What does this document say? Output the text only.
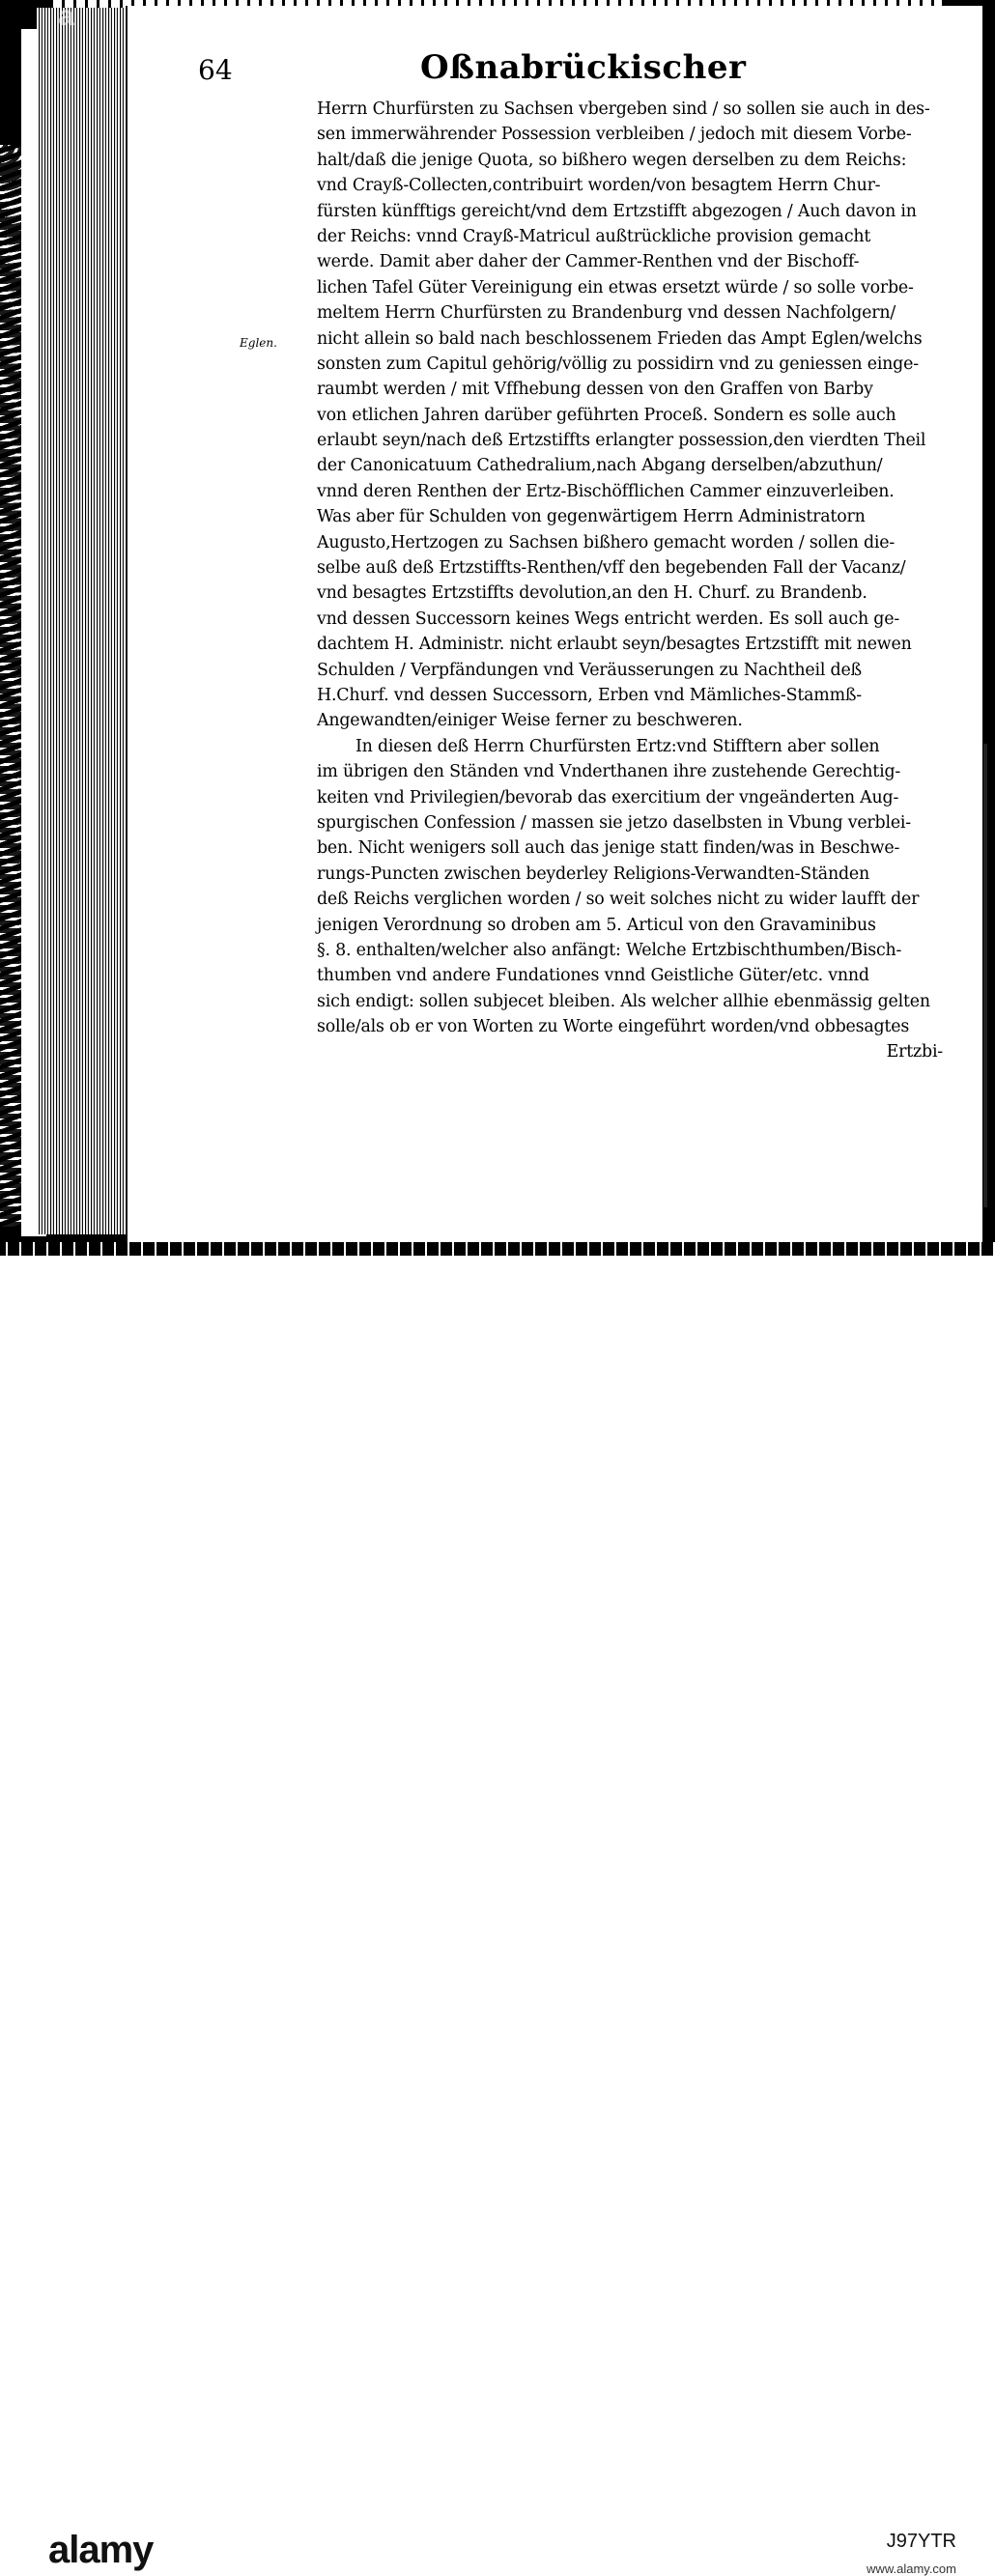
64	Oßnabrückischer
Eglen.
Herrn Churfürsten zu Sachsen vbergeben sind / so sollen sie auch in des-
sen immerwährender Possession verbleiben / jedoch mit diesem Vorbe-
halt/daß die jenige Quota, so bißhero wegen derselben zu dem Reichs:
vnd Crayß-Collecten,contribuirt worden/von besagtem Herrn Chur-
fürsten künfftigs gereicht/vnd dem Ertzstifft abgezogen / Auch davon in
der Reichs: vnnd Crayß-Matricul außtrückliche provision gemacht
werde. Damit aber daher der Cammer-Renthen vnd der Bischoff-
lichen Tafel Güter Vereinigung ein etwas ersetzt würde / so solle vorbe-
meltem Herrn Churfürsten zu Brandenburg vnd dessen Nachfolgern/
nicht allein so bald nach beschlossenem Frieden das Ampt Eglen/welchs
sonsten zum Capitul gehörig/völlig zu possidirn vnd zu geniessen einge-
raumbt werden / mit Vffhebung dessen von den Graffen von Barby
von etlichen Jahren darüber geführten Proceß. Sondern es solle auch
erlaubt seyn/nach deß Ertzstiffts erlangter possession,den vierdten Theil
der Canonicatuum Cathedralium,nach Abgang derselben/abzuthun/
vnnd deren Renthen der Ertz-Bischöfflichen Cammer einzuverleiben.
Was aber für Schulden von gegenwärtigem Herrn Administratorn
Augusto,Hertzogen zu Sachsen bißhero gemacht worden / sollen die-
selbe auß deß Ertzstiffts-Renthen/vff den begebenden Fall der Vacanz/
vnd besagtes Ertzstiffts devolution,an den H. Churf. zu Brandenb.
vnd dessen Successorn keines Wegs entricht werden. Es soll auch ge-
dachtem H. Administr. nicht erlaubt seyn/besagtes Ertzstifft mit newen
Schulden / Verpfändungen vnd Veräusserungen zu Nachtheil deß
H.Churf. vnd dessen Successorn, Erben vnd Mämliches-Stammß-
Angewandten/einiger Weise ferner zu beschweren.
In diesen deß Herrn Churfürsten Ertz:vnd Stifftern aber sollen
im übrigen den Ständen vnd Vnderthanen ihre zustehende Gerechtig-
keiten vnd Privilegien/bevorab das exercitium der vngeänderten Aug-
spurgischen Confession / massen sie jetzo daselbsten in Vbung verblei-
ben. Nicht wenigers soll auch das jenige statt finden/was in Beschwe-
rungs-Puncten zwischen beyderley Religions-Verwandten-Ständen
deß Reichs verglichen worden / so weit solches nicht zu wider laufft der
jenigen Verordnung so droben am 5. Articul von den Gravaminibus
§. 8. enthalten/welcher also anfängt: Welche Ertzbischthumben/Bisch-
thumben vnd andere Fundationes vnnd Geistliche Güter/etc. vnnd
sich endigt: sollen subjecet bleiben. Als welcher allhie ebenmässig gelten
solle/als ob er von Worten zu Worte eingeführt worden/vnd obbesagtes
Ertzbi-
a	a
alamy	J97YTR
www.alamy.com
